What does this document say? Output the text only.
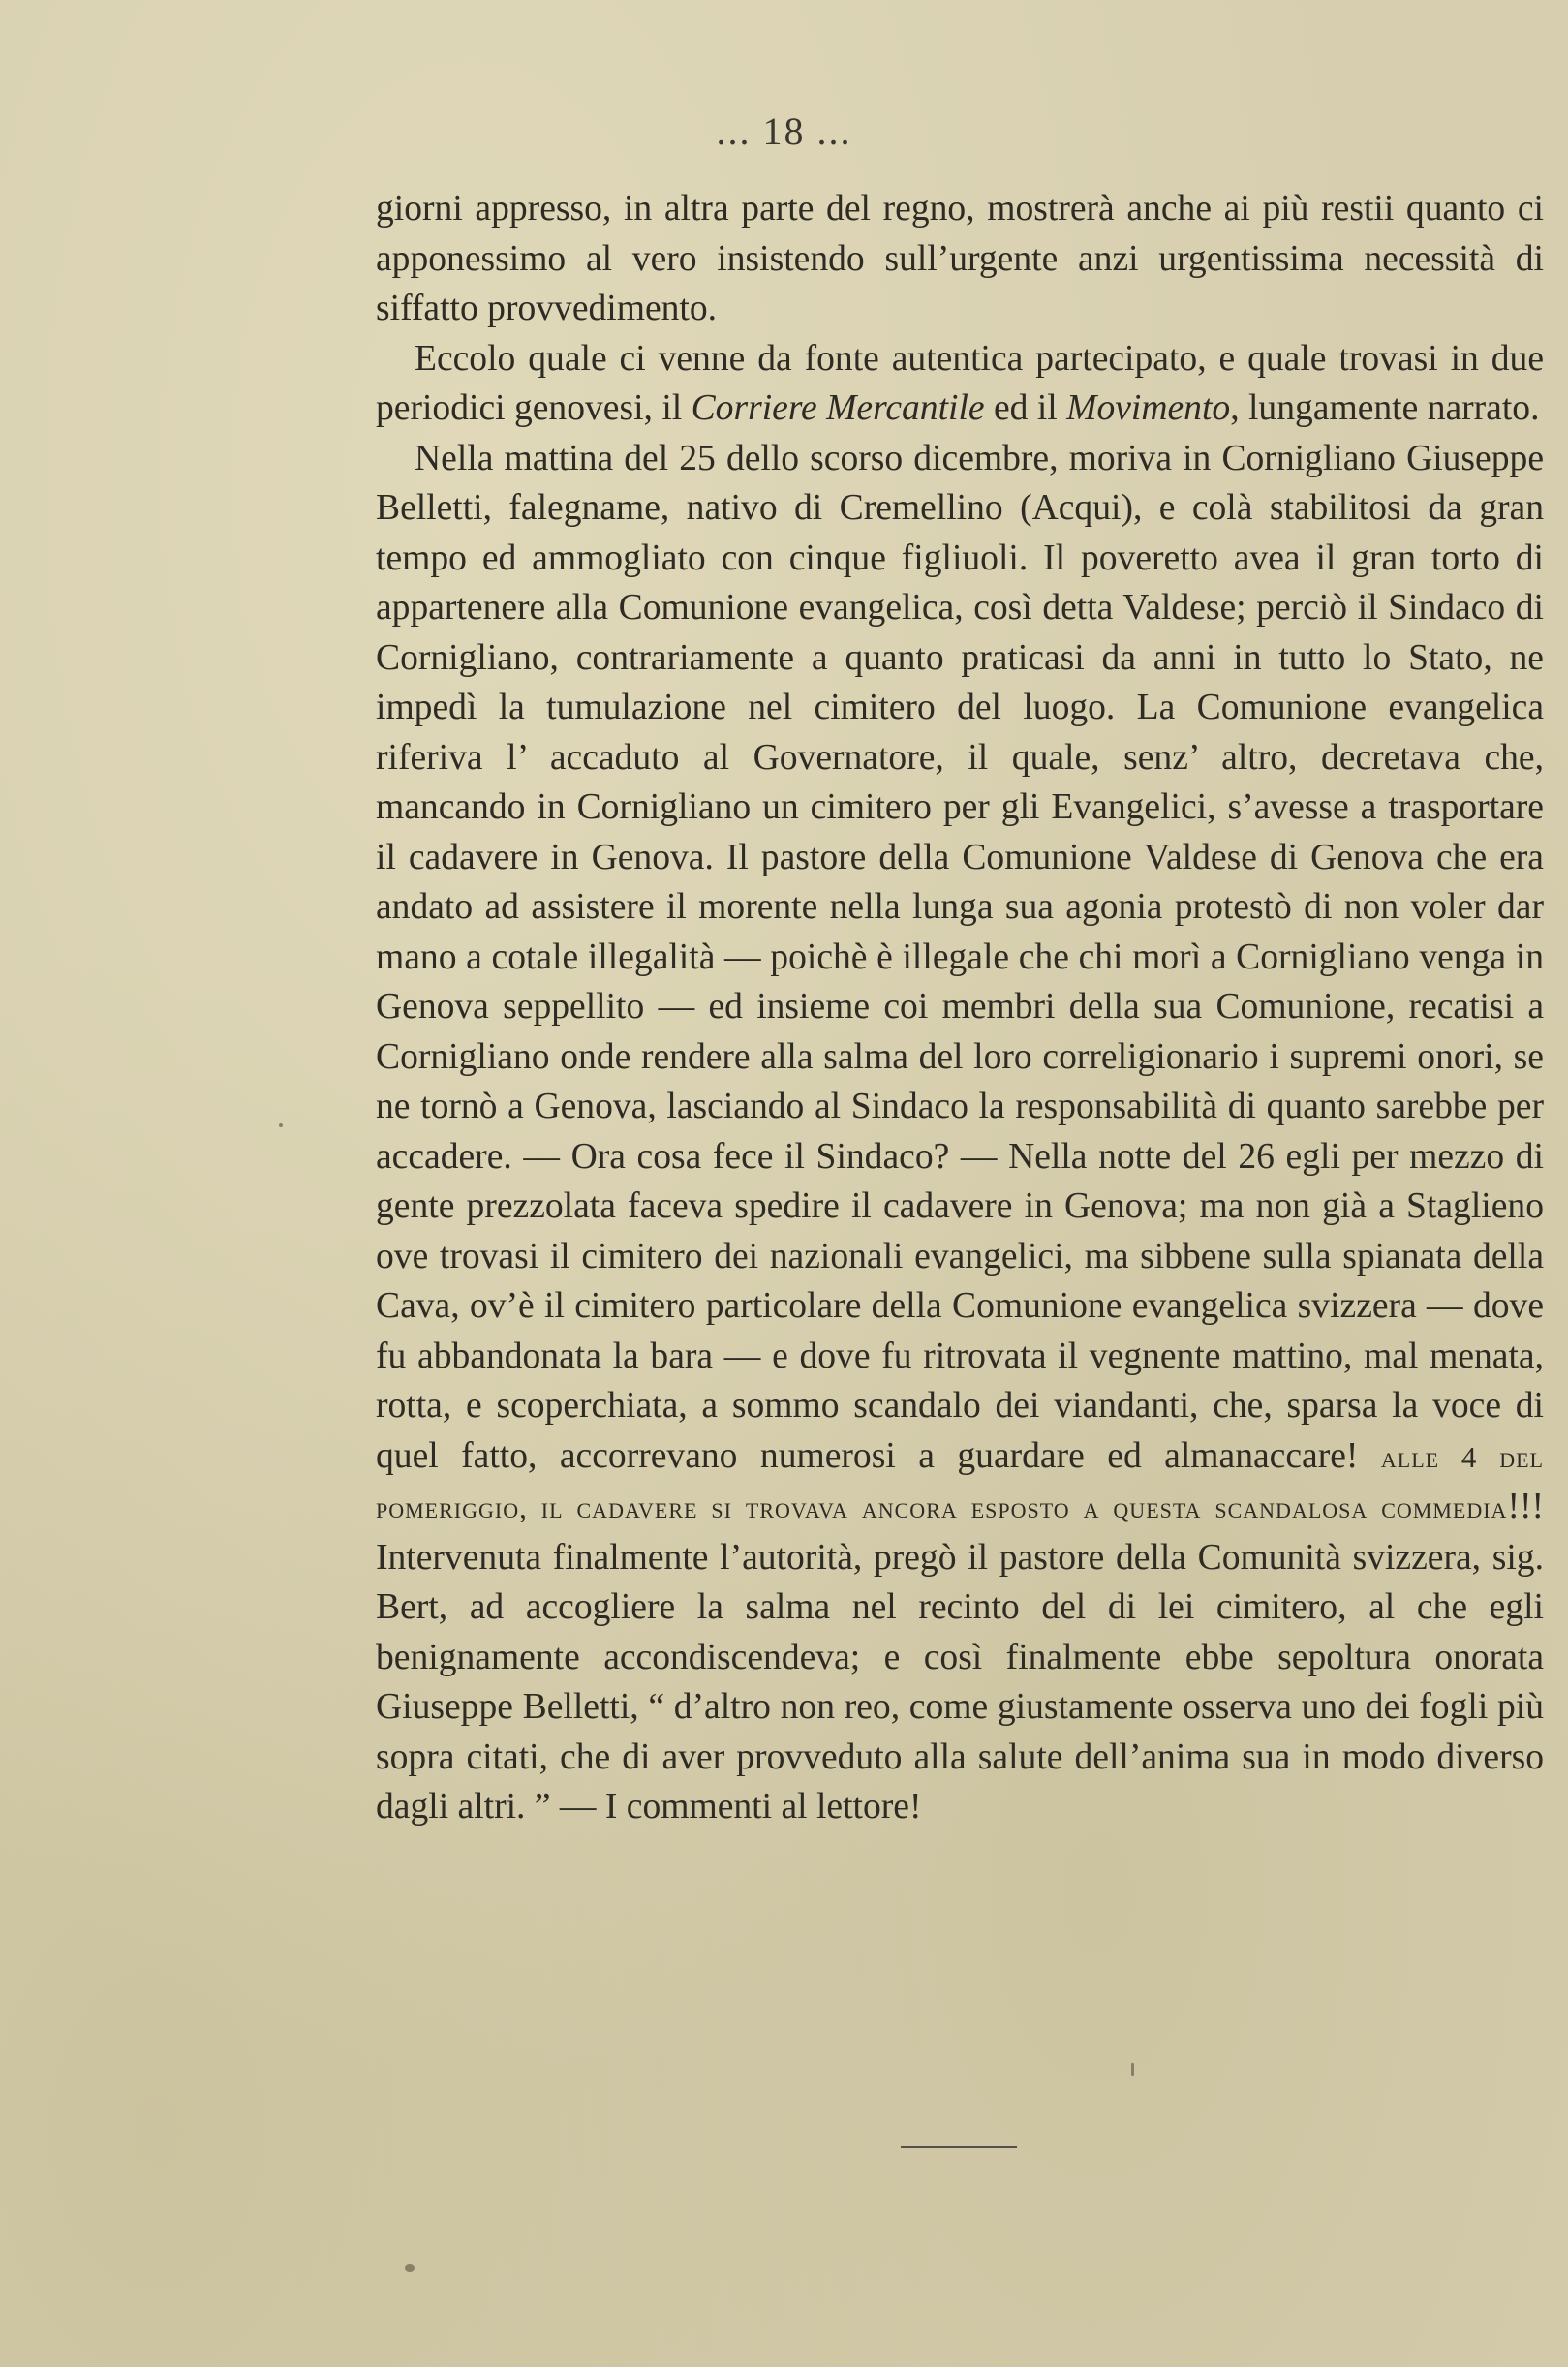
... 18 ...

giorni appresso, in altra parte del regno, mostrerà anche ai più restii quanto ci apponessimo al vero insistendo sull’urgente anzi urgentissima necessità di siffatto provvedimento.

Eccolo quale ci venne da fonte autentica partecipato, e quale trovasi in due periodici genovesi, il Corriere Mercantile ed il Movimento, lungamente narrato.

Nella mattina del 25 dello scorso dicembre, moriva in Cornigliano Giuseppe Belletti, falegname, nativo di Cremellino (Acqui), e colà stabilitosi da gran tempo ed ammogliato con cinque figliuoli. Il poveretto avea il gran torto di appartenere alla Comunione evangelica, così detta Valdese; perciò il Sindaco di Cornigliano, contrariamente a quanto praticasi da anni in tutto lo Stato, ne impedì la tumulazione nel cimitero del luogo. La Comunione evangelica riferiva l’ accaduto al Governatore, il quale, senz’ altro, decretava che, mancando in Cornigliano un cimitero per gli Evangelici, s’avesse a trasportare il cadavere in Genova. Il pastore della Comunione Valdese di Genova che era andato ad assistere il morente nella lunga sua agonia protestò di non voler dar mano a cotale illegalità — poichè è illegale che chi morì a Cornigliano venga in Genova seppellito — ed insieme coi membri della sua Comunione, recatisi a Cornigliano onde rendere alla salma del loro correligionario i supremi onori, se ne tornò a Genova, lasciando al Sindaco la responsabilità di quanto sarebbe per accadere. — Ora cosa fece il Sindaco? — Nella notte del 26 egli per mezzo di gente prezzolata faceva spedire il cadavere in Genova; ma non già a Staglieno ove trovasi il cimitero dei nazionali evangelici, ma sibbene sulla spianata della Cava, ov’è il cimitero particolare della Comunione evangelica svizzera — dove fu abbandonata la bara — e dove fu ritrovata il vegnente mattino, mal menata, rotta, e scoperchiata, a sommo scandalo dei viandanti, che, sparsa la voce di quel fatto, accorrevano numerosi a guardare ed almanaccare! alle 4 del pomeriggio, il cadavere si trovava ancora esposto a questa scandalosa commedia!!! Intervenuta finalmente l’autorità, pregò il pastore della Comunità svizzera, sig. Bert, ad accogliere la salma nel recinto del di lei cimitero, al che egli benignamente accondiscendeva; e così finalmente ebbe sepoltura onorata Giuseppe Belletti, “ d’altro non reo, come giustamente osserva uno dei fogli più sopra citati, che di aver provveduto alla salute dell’anima sua in modo diverso dagli altri. ” — I commenti al lettore!
